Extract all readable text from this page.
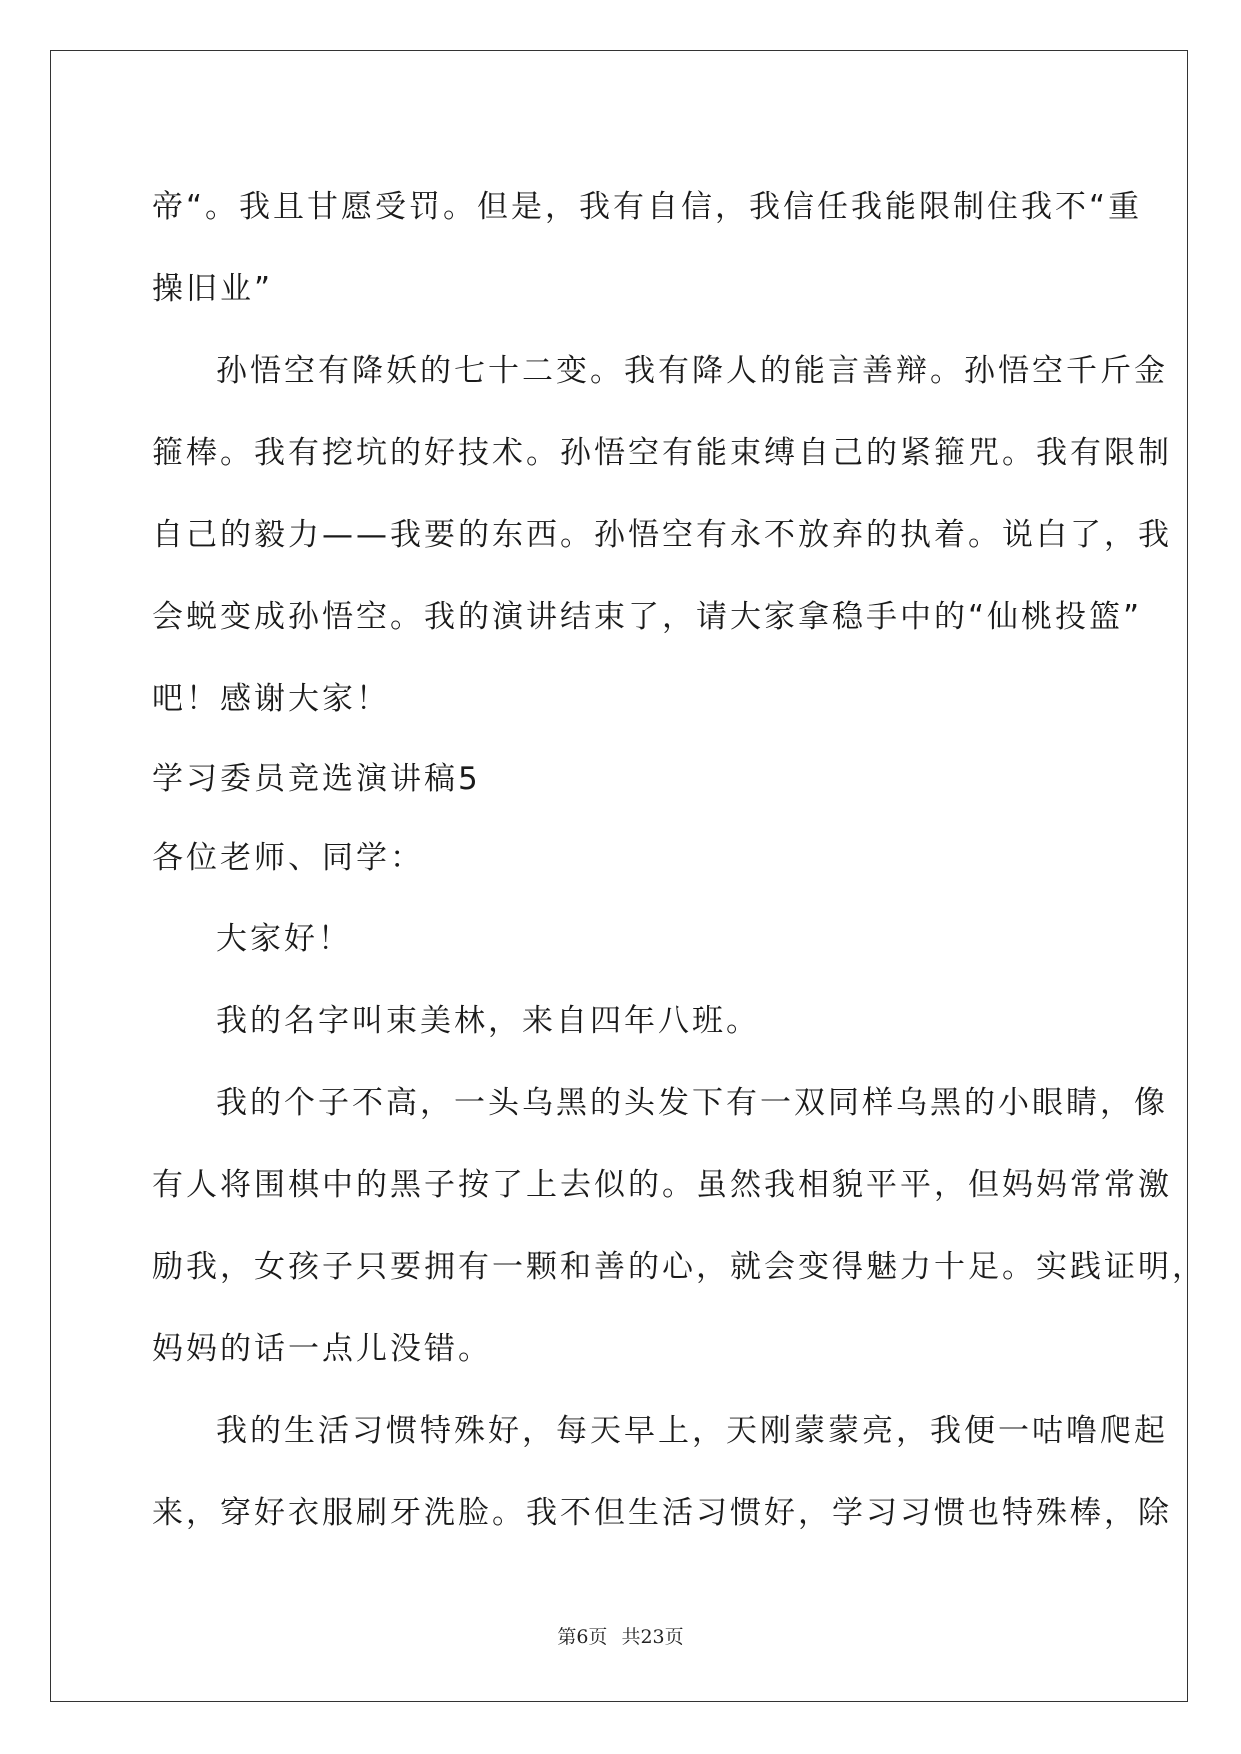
帝“。我且甘愿受罚。但是，我有自信，我信任我能限制住我不“重
操旧业”
孙悟空有降妖的七十二变。我有降人的能言善辩。孙悟空千斤金
箍棒。我有挖坑的好技术。孙悟空有能束缚自己的紧箍咒。我有限制
自己的毅力——我要的东西。孙悟空有永不放弃的执着。说白了，我
会蜕变成孙悟空。我的演讲结束了，请大家拿稳手中的“仙桃投篮”
吧！感谢大家！
学习委员竞选演讲稿5
各位老师、同学：
大家好！
我的名字叫束美林，来自四年八班。
我的个子不高，一头乌黑的头发下有一双同样乌黑的小眼睛，像
有人将围棋中的黑子按了上去似的。虽然我相貌平平，但妈妈常常激
励我，女孩子只要拥有一颗和善的心，就会变得魅力十足。实践证明，
妈妈的话一点儿没错。
我的生活习惯特殊好，每天早上，天刚蒙蒙亮，我便一咕噜爬起
来，穿好衣服刷牙洗脸。我不但生活习惯好，学习习惯也特殊棒，除
第6页 共23页
